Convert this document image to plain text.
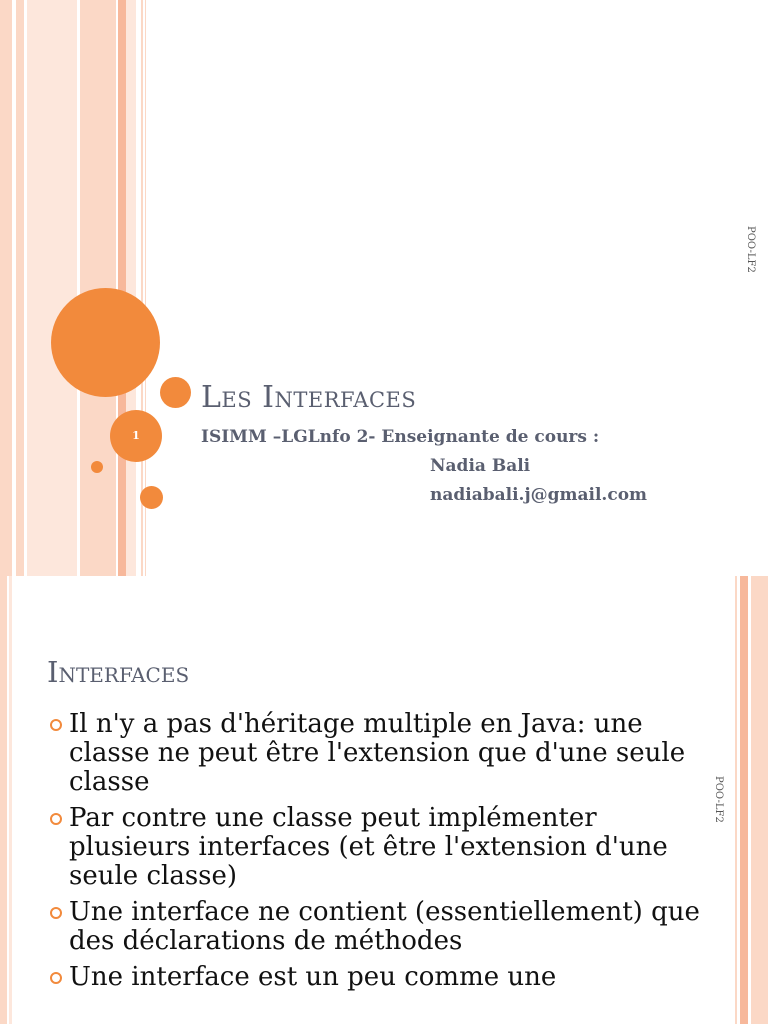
1
Les Interfaces
ISIMM –LGLnfo 2- Enseignante de cours :
Nadia Bali
nadiabali.j@gmail.com
POO-LF2
POO-LF2
Interfaces
Il n'y a pas d'héritage multiple en Java: une classe ne peut être l'extension que d'une seule classe
Par contre une classe peut implémenter plusieurs interfaces (et être l'extension d'une seule classe)
Une interface ne contient (essentiellement) que des déclarations de méthodes
Une interface est un peu comme une
